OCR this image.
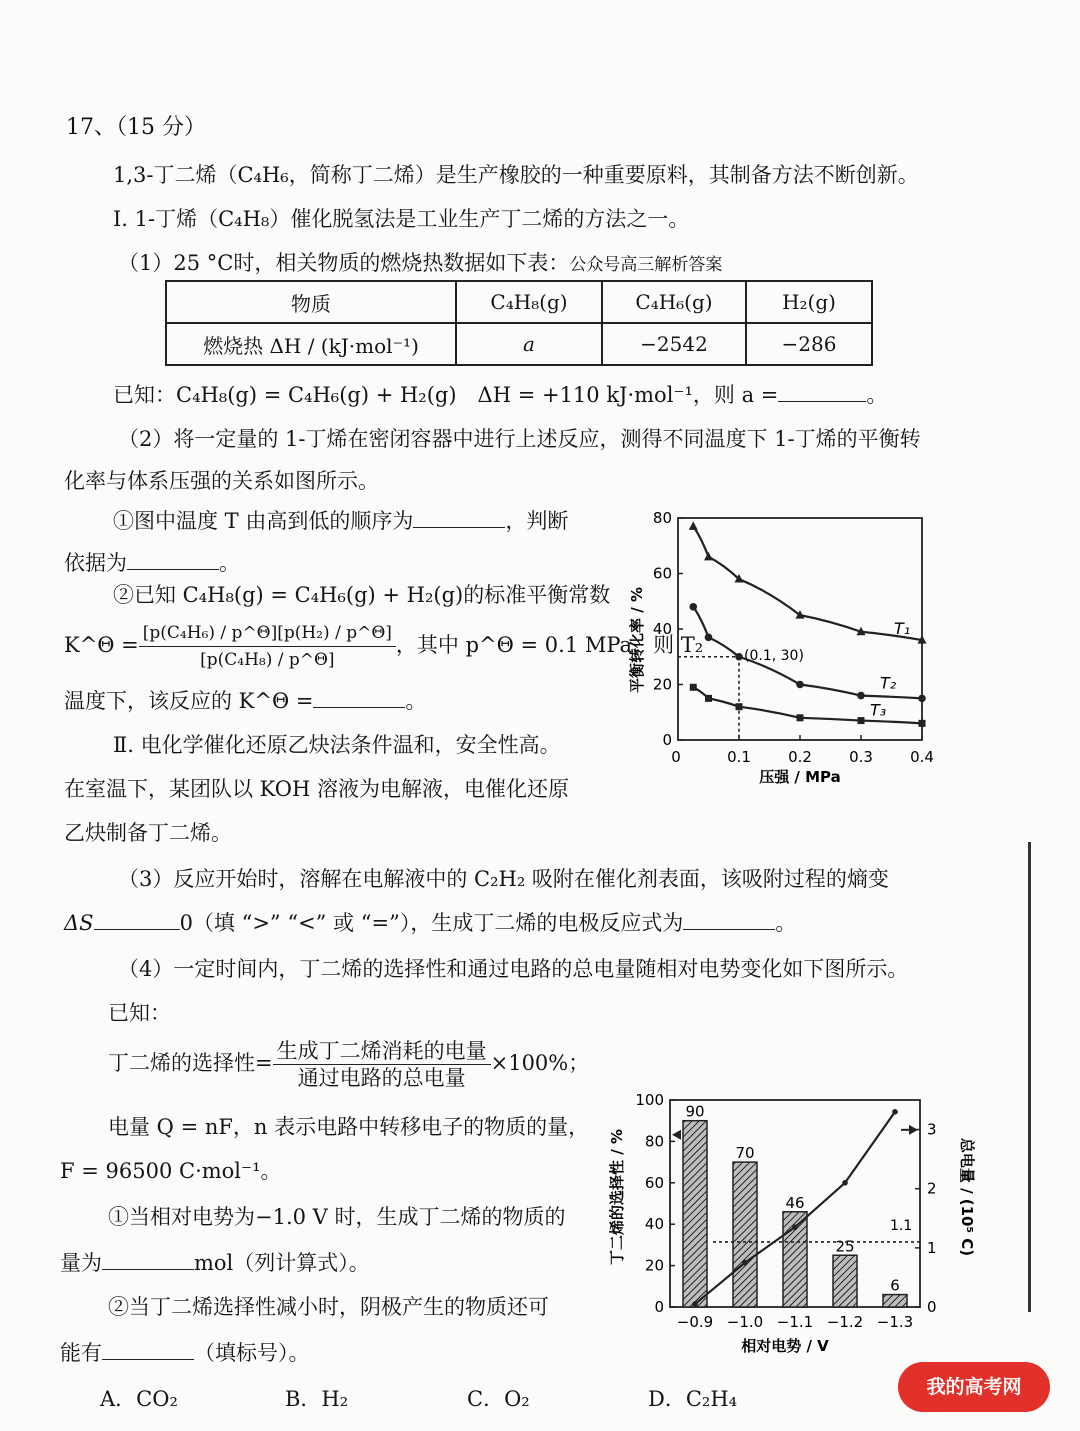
17、（15 分）
1,3-丁二烯（C₄H₆，简称丁二烯）是生产橡胶的一种重要原料，其制备方法不断创新。
Ⅰ. 1-丁烯（C₄H₈）催化脱氢法是工业生产丁二烯的方法之一。
（1）25 °C时，相关物质的燃烧热数据如下表：公众号高三解析答案
物质	C₄H₈(g)	C₄H₆(g)	H₂(g)
燃烧热 ΔH / (kJ·mol⁻¹)	a	−2542	−286
已知：C₄H₈(g) = C₄H₆(g) + H₂(g)　ΔH = +110 kJ·mol⁻¹，则 a =	。
（2）将一定量的 1-丁烯在密闭容器中进行上述反应，测得不同温度下 1-丁烯的平衡转
化率与体系压强的关系如图所示。
①图中温度 T 由高到低的顺序为	，判断
依据为	。
②已知 C₄H₈(g) = C₄H₆(g) + H₂(g)的标准平衡常数
K^Θ = $\frac{\text{[p(C₄H₆) / p\textasciicircum{}Θ][p(H₂) / p\textasciicircum{}Θ]}}{\text{[p(C₄H₈) / p\textasciicircum{}Θ]}}$ ，其中 p^Θ = 0.1 MPa，则 T₂
温度下，该反应的 K^Θ =	。
Ⅱ. 电化学催化还原乙炔法条件温和，安全性高。
在室温下，某团队以 KOH 溶液为电解液，电催化还原
乙炔制备丁二烯。
（3）反应开始时，溶解在电解液中的 C₂H₂ 吸附在催化剂表面，该吸附过程的熵变
ΔS	0（填 “>” “<” 或 “=”），生成丁二烯的电极反应式为	。
（4）一定时间内，丁二烯的选择性和通过电路的总电量随相对电势变化如下图所示。
已知：
丁二烯的选择性= $\frac{\text{生成丁二烯消耗的电量}}{\text{通过电路的总电量}} \times 100\%$；
电量 Q = nF，n 表示电路中转移电子的物质的量，
F = 96500 C·mol⁻¹。
①当相对电势为−1.0 V 时，生成丁二烯的物质的
量为	mol（列计算式）。
②当丁二烯选择性减小时，阴极产生的物质还可
能有	（填标号）。
A．CO₂	B．H₂	C．O₂	D．C₂H₄
0
20
40
60
80
0	0.1 0.2 0.3 0.4
T₁
T₂
T₃
压强 / MPa
平衡转化率 / %	(0.1, 30)
0
20
40
60
80
100
0
1
2
3
−0.9 −1.0 −1.1 −1.2 −1.3
90
70
46
25
6
1.1
相对电势 / V
丁二烯的选择性 / %	总电量 / (10⁵ C)
我的高考网
